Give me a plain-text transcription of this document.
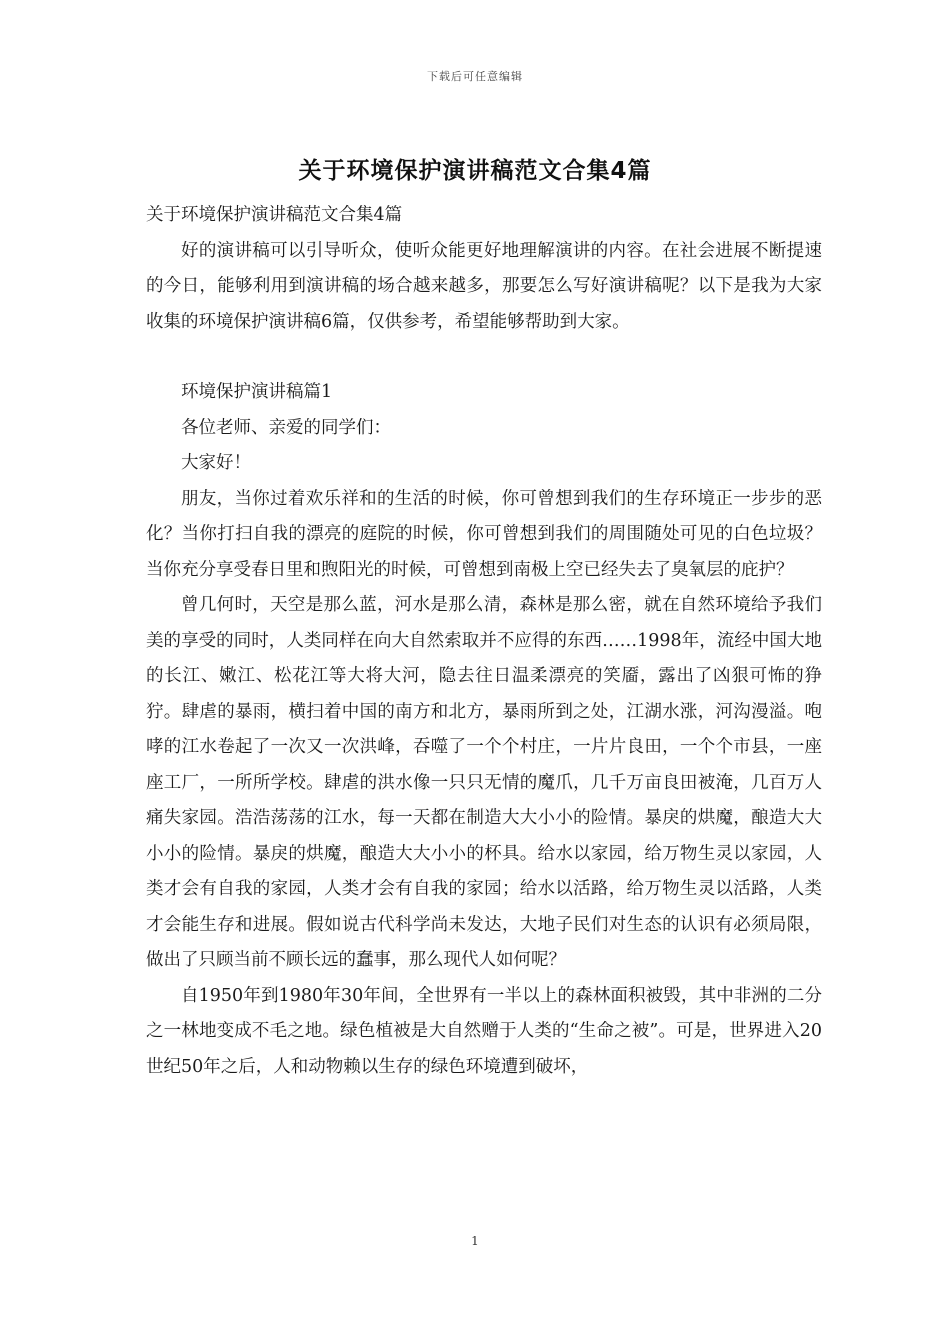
下载后可任意编辑
关于环境保护演讲稿范文合集4篇

关于环境保护演讲稿范文合集4篇

好的演讲稿可以引导听众，使听众能更好地理解演讲的内容。在社会进展不断提速的今日，能够利用到演讲稿的场合越来越多，那要怎么写好演讲稿呢？以下是我为大家收集的环境保护演讲稿6篇，仅供参考，希望能够帮助到大家。

环境保护演讲稿篇1

各位老师、亲爱的同学们：

大家好！

朋友，当你过着欢乐祥和的生活的时候，你可曾想到我们的生存环境正一步步的恶化？当你打扫自我的漂亮的庭院的时候，你可曾想到我们的周围随处可见的白色垃圾？当你充分享受春日里和煦阳光的时候，可曾想到南极上空已经失去了臭氧层的庇护？

曾几何时，天空是那么蓝，河水是那么清，森林是那么密，就在自然环境给予我们美的享受的同时，人类同样在向大自然索取并不应得的东西……1998年，流经中国大地的长江、嫩江、松花江等大将大河，隐去往日温柔漂亮的笑靥，露出了凶狠可怖的狰狞。肆虐的暴雨，横扫着中国的南方和北方，暴雨所到之处，江湖水涨，河沟漫溢。咆哮的江水卷起了一次又一次洪峰，吞噬了一个个村庄，一片片良田，一个个市县，一座座工厂，一所所学校。肆虐的洪水像一只只无情的魔爪，几千万亩良田被淹，几百万人痛失家园。浩浩荡荡的江水，每一天都在制造大大小小的险情。暴戾的烘魔，酿造大大小小的险情。暴戾的烘魔，酿造大大小小的杯具。给水以家园，给万物生灵以家园，人类才会有自我的家园，人类才会有自我的家园；给水以活路，给万物生灵以活路，人类才会能生存和进展。假如说古代科学尚未发达，大地子民们对生态的认识有必须局限，做出了只顾当前不顾长远的蠢事，那么现代人如何呢？

自1950年到1980年30年间，全世界有一半以上的森林面积被毁，其中非洲的二分之一林地变成不毛之地。绿色植被是大自然赠于人类的“生命之被”。可是，世界进入20世纪50年之后，人和动物赖以生存的绿色环境遭到破坏，

1
